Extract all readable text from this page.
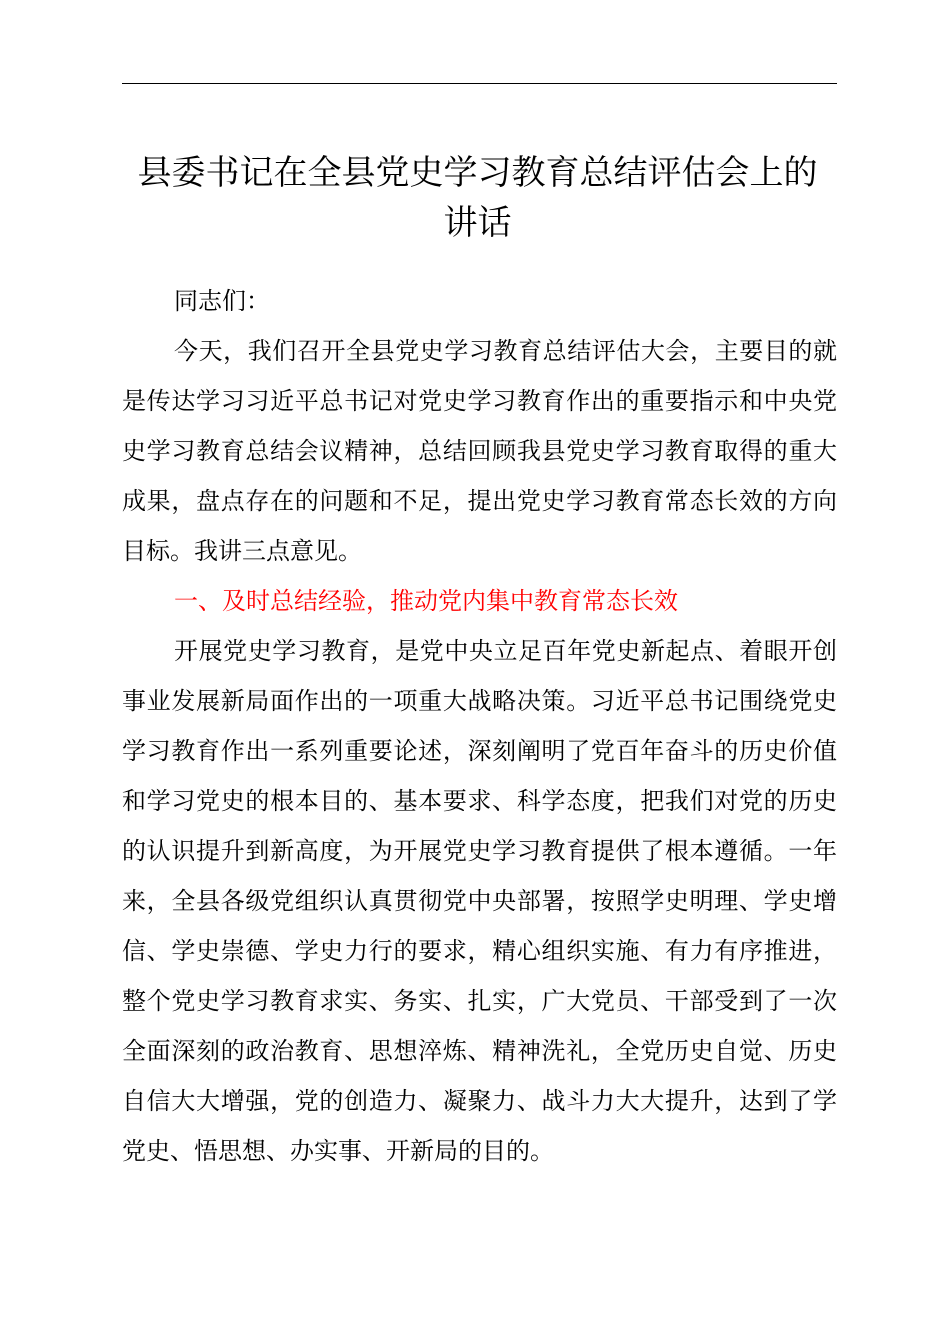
县委书记在全县党史学习教育总结评估会上的
讲话

同志们：

今天，我们召开全县党史学习教育总结评估大会，主要目的就是传达学习习近平总书记对党史学习教育作出的重要指示和中央党史学习教育总结会议精神，总结回顾我县党史学习教育取得的重大成果，盘点存在的问题和不足，提出党史学习教育常态长效的方向目标。我讲三点意见。

一、及时总结经验，推动党内集中教育常态长效

开展党史学习教育，是党中央立足百年党史新起点、着眼开创事业发展新局面作出的一项重大战略决策。习近平总书记围绕党史学习教育作出一系列重要论述，深刻阐明了党百年奋斗的历史价值和学习党史的根本目的、基本要求、科学态度，把我们对党的历史的认识提升到新高度，为开展党史学习教育提供了根本遵循。一年来，全县各级党组织认真贯彻党中央部署，按照学史明理、学史增信、学史崇德、学史力行的要求，精心组织实施、有力有序推进，整个党史学习教育求实、务实、扎实，广大党员、干部受到了一次全面深刻的政治教育、思想淬炼、精神洗礼，全党历史自觉、历史自信大大增强，党的创造力、凝聚力、战斗力大大提升，达到了学党史、悟思想、办实事、开新局的目的。
